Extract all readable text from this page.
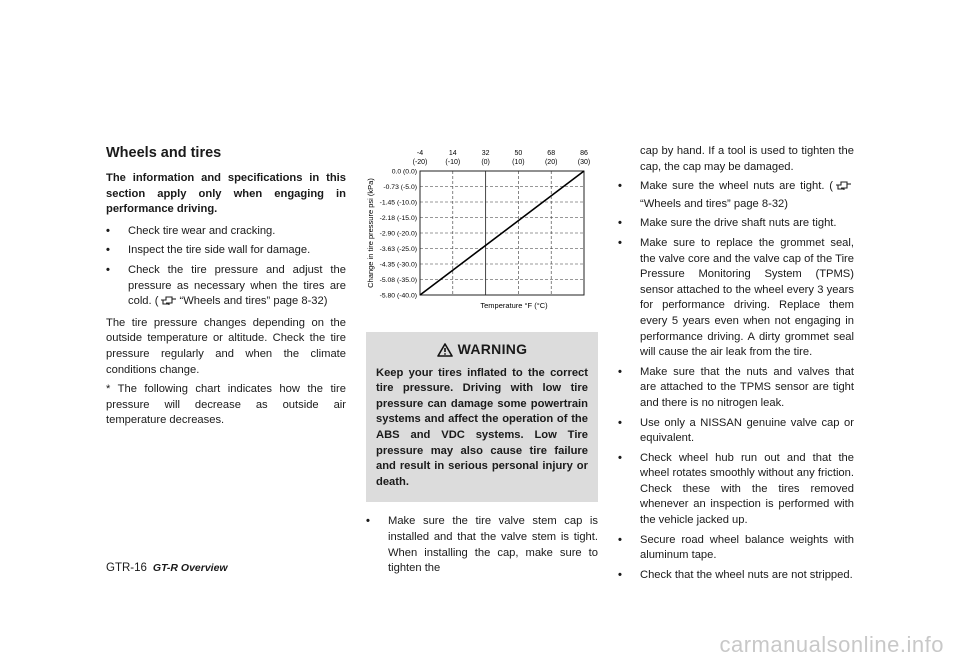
Wheels and tires
The information and specifications in this section apply only when engaging in performance driving.
• Check tire wear and cracking.
• Inspect the tire side wall for damage.
• Check the tire pressure and adjust the pressure as necessary when the tires are cold. ( “Wheels and tires” page 8-32)

The tire pressure changes depending on the outside temperature or altitude. Check the tire pressure regularly and when the climate conditions change.

* The following chart indicates how the tire pressure will decrease as outside air temperature decreases.

-4
(-20)
14
(-10)
32
(0)
50
(10)
68
(20)
86
(30)
0.0 (0.0)
-0.73 (-5.0)
-1.45 (-10.0)
-2.18 (-15.0)
-2.90 (-20.0)
-3.63 (-25.0)
-4.35 (-30.0)
-5.08 (-35.0)
-5.80 (-40.0)
Temperature °F (°C)
Change in tire pressure psi (kPa)
WARNING
Keep your tires inflated to the correct tire pressure. Driving with low tire pressure can damage some powertrain systems and affect the operation of the ABS and VDC systems. Low Tire pressure may also cause tire failure and result in serious personal injury or death.
• Make sure the tire valve stem cap is installed and that the valve stem is tight. When installing the cap, make sure to tighten the

cap by hand. If a tool is used to tighten the cap, the cap may be damaged.

• Make sure the wheel nuts are tight. (“Wheels and tires” page 8-32)
• Make sure the drive shaft nuts are tight.
• Make sure to replace the grommet seal, the valve core and the valve cap of the Tire Pressure Monitoring System (TPMS) sensor attached to the wheel every 3 years for performance driving. Replace them every 5 years even when not engaging in performance driving. A dirty grommet seal will cause the air leak from the tire.
• Make sure that the nuts and valves that are attached to the TPMS sensor are tight and there is no nitrogen leak.
• Use only a NISSAN genuine valve cap or equivalent.
• Check wheel hub run out and that the wheel rotates smoothly without any friction. Check these with the tires removed whenever an inspection is performed with the vehicle jacked up.
• Secure road wheel balance weights with aluminum tape.
• Check that the wheel nuts are not stripped.
GTR-16 GT-R Overview
carmanualsonline.info
